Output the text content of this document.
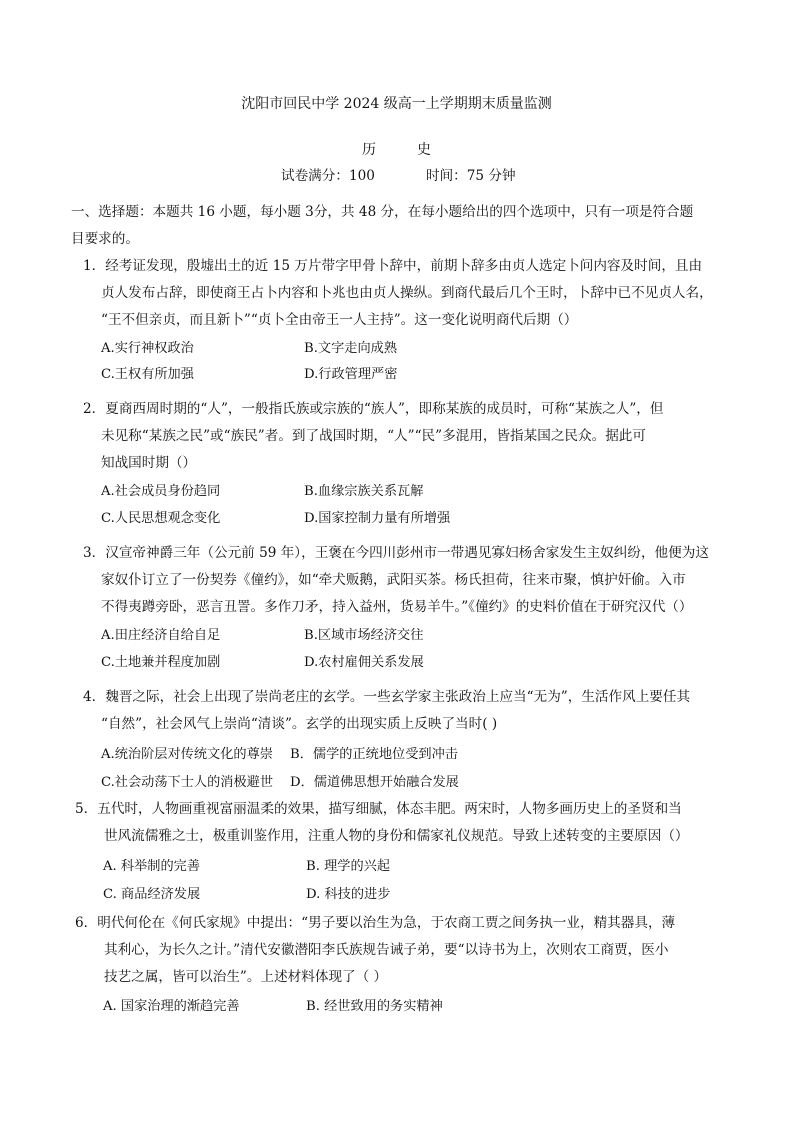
沈阳市回民中学 2024 级高一上学期期末质量监测
历	史
试卷满分：100	时间：75 分钟
一、选择题：本题共 16 小题，每小题 3分，共 48 分，在每小题给出的四个选项中，只有一项是符合题
目要求的。
1．经考证发现，殷墟出土的近 15 万片带字甲骨卜辞中，前期卜辞多由贞人选定卜问内容及时间，且由
贞人发布占辞，即使商王占卜内容和卜兆也由贞人操纵。到商代最后几个王时，卜辞中已不见贞人名，
“王不但亲贞，而且新卜”“贞卜全由帝王一人主持”。这一变化说明商代后期（）
A.实行神权政治	B.文字走向成熟
C.王权有所加强	D.行政管理严密
2．夏商西周时期的“人”，一般指氏族或宗族的“族人”，即称某族的成员时，可称“某族之人”，但
未见称“某族之民”或“族民”者。到了战国时期，“人”“民”多混用，皆指某国之民众。据此可
知战国时期（）
A.社会成员身份趋同	B.血缘宗族关系瓦解
C.人民思想观念变化	D.国家控制力量有所增强
3．汉宣帝神爵三年（公元前 59 年），王褒在今四川彭州市一带遇见寡妇杨舍家发生主奴纠纷，他便为这
家奴仆订立了一份契券《僮约》，如“牵犬贩鹅，武阳买茶。杨氏担荷，往来市聚，慎护奸偷。入市
不得夷蹲旁卧，恶言丑詈。多作刀矛，持入益州，货易羊牛。”《僮约》的史料价值在于研究汉代（）
A.田庄经济自给自足	B.区域市场经济交往
C.土地兼并程度加剧	D.农村雇佣关系发展
4．魏晋之际，社会上出现了崇尚老庄的玄学。一些玄学家主张政治上应当“无为”，生活作风上要任其
“自然”，社会风气上崇尚“清谈”。玄学的出现实质上反映了当时( )
A.统治阶层对传统文化的尊崇 B．儒学的正统地位受到冲击
C.社会动荡下士人的消极避世 D．儒道佛思想开始融合发展
5．五代时，人物画重视富丽温柔的效果，描写细腻，体态丰肥。两宋时，人物多画历史上的圣贤和当
世风流儒雅之士，极重训鉴作用，注重人物的身份和儒家礼仪规范。导致上述转变的主要原因（）
A. 科举制的完善	B. 理学的兴起
C. 商品经济发展	D. 科技的进步
6．明代何伦在《何氏家规》中提出：“男子要以治生为急，于农商工贾之间务执一业，精其器具，薄
其利心，为长久之计。”清代安徽潜阳李氏族规告诫子弟，要“以诗书为上，次则农工商贾，医小
技艺之属，皆可以治生”。上述材料体现了（ ）
A. 国家治理的渐趋完善	B. 经世致用的务实精神
